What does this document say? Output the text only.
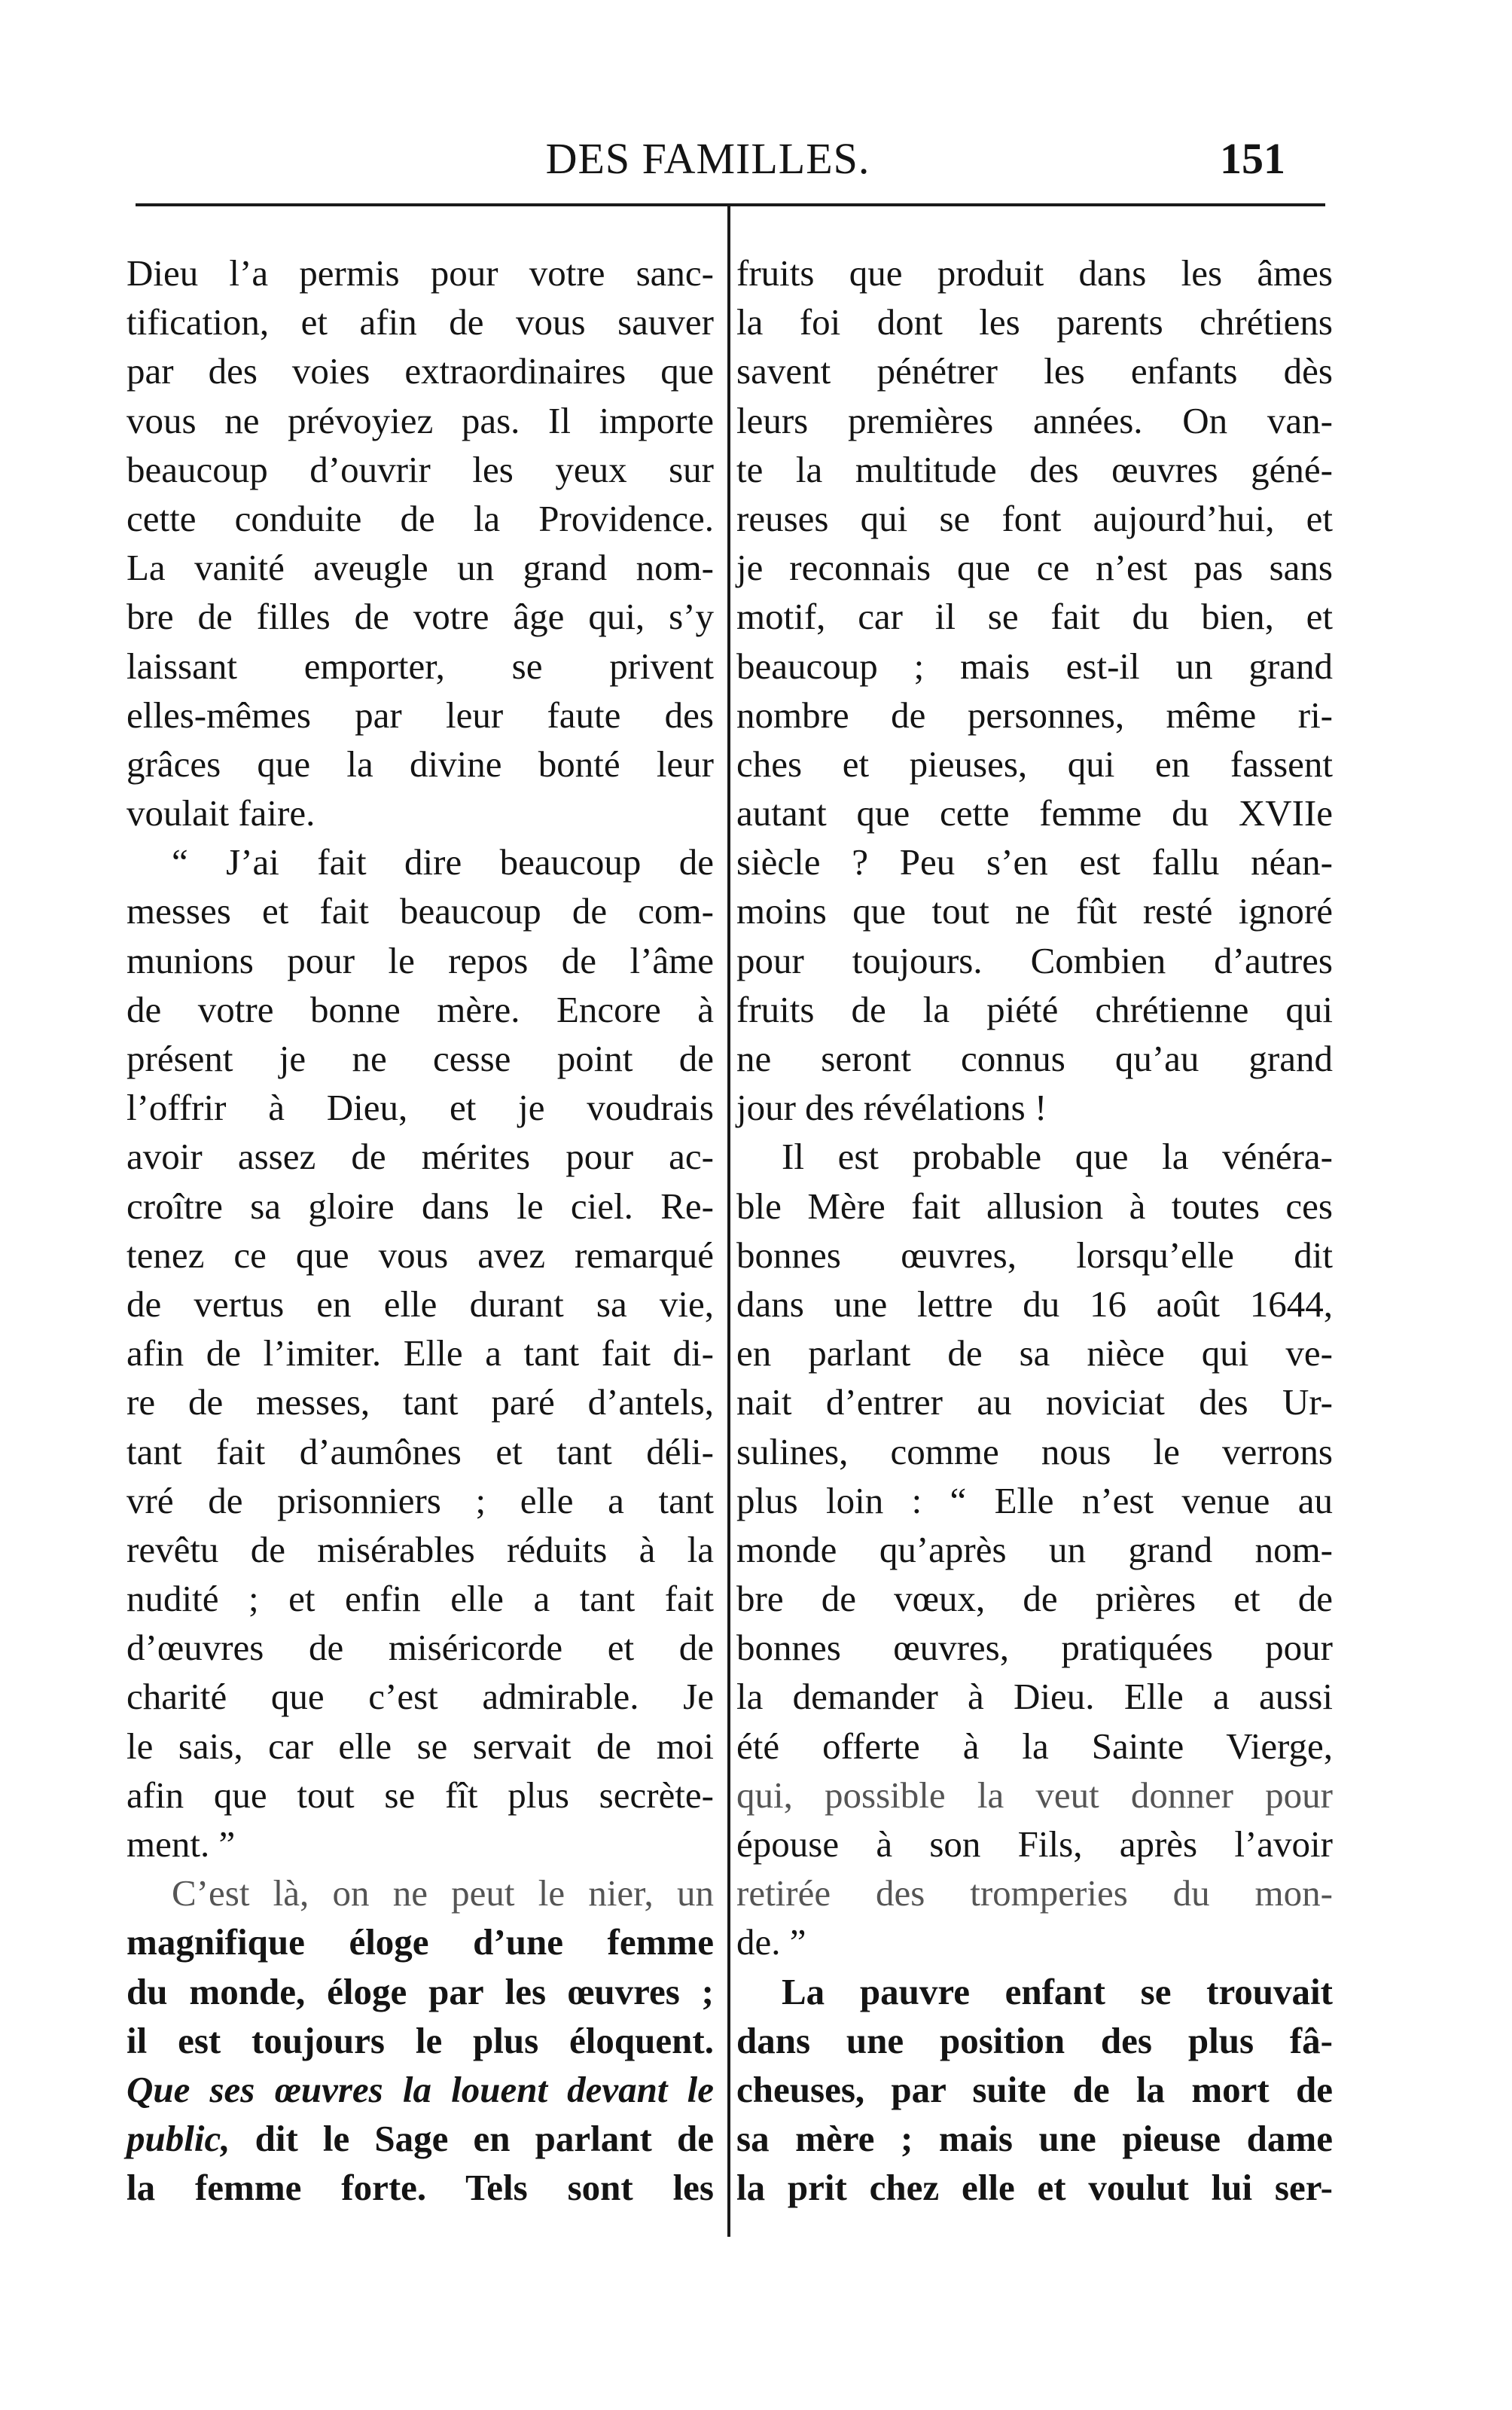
DES FAMILLES.	151
Dieu l’a permis pour votre sanc-
tification, et afin de vous sauver
par des voies extraordinaires que
vous ne prévoyiez pas. Il importe
beaucoup d’ouvrir les yeux sur
cette conduite de la Providence.
La vanité aveugle un grand nom-
bre de filles de votre âge qui, s’y
laissant emporter, se privent
elles-mêmes par leur faute des
grâces que la divine bonté leur
voulait faire.
“ J’ai fait dire beaucoup de
messes et fait beaucoup de com-
munions pour le repos de l’âme
de votre bonne mère. Encore à
présent je ne cesse point de
l’offrir à Dieu, et je voudrais
avoir assez de mérites pour ac-
croître sa gloire dans le ciel. Re-
tenez ce que vous avez remarqué
de vertus en elle durant sa vie,
afin de l’imiter. Elle a tant fait di-
re de messes, tant paré d’antels,
tant fait d’aumônes et tant déli-
vré de prisonniers ; elle a tant
revêtu de misérables réduits à la
nudité ; et enfin elle a tant fait
d’œuvres de miséricorde et de
charité que c’est admirable. Je
le sais, car elle se servait de moi
afin que tout se fît plus secrète-
ment. ”
C’est là, on ne peut le nier, un
magnifique éloge d’une femme
du monde, éloge par les œuvres ;
il est toujours le plus éloquent.
Que ses œuvres la louent devant le
public, dit le Sage en parlant de
la femme forte. Tels sont les
fruits que produit dans les âmes
la foi dont les parents chrétiens
savent pénétrer les enfants dès
leurs premières années. On van-
te la multitude des œuvres géné-
reuses qui se font aujourd’hui, et
je reconnais que ce n’est pas sans
motif, car il se fait du bien, et
beaucoup ; mais est-il un grand
nombre de personnes, même ri-
ches et pieuses, qui en fassent
autant que cette femme du XVIIe
siècle ? Peu s’en est fallu néan-
moins que tout ne fût resté ignoré
pour toujours. Combien d’autres
fruits de la piété chrétienne qui
ne seront connus qu’au grand
jour des révélations !
Il est probable que la vénéra-
ble Mère fait allusion à toutes ces
bonnes œuvres, lorsqu’elle dit
dans une lettre du 16 août 1644,
en parlant de sa nièce qui ve-
nait d’entrer au noviciat des Ur-
sulines, comme nous le verrons
plus loin : “ Elle n’est venue au
monde qu’après un grand nom-
bre de vœux, de prières et de
bonnes œuvres, pratiquées pour
la demander à Dieu. Elle a aussi
été offerte à la Sainte Vierge,
qui, possible la veut donner pour
épouse à son Fils, après l’avoir
retirée des tromperies du mon-
de. ”
La pauvre enfant se trouvait
dans une position des plus fâ-
cheuses, par suite de la mort de
sa mère ; mais une pieuse dame
la prit chez elle et voulut lui ser-
